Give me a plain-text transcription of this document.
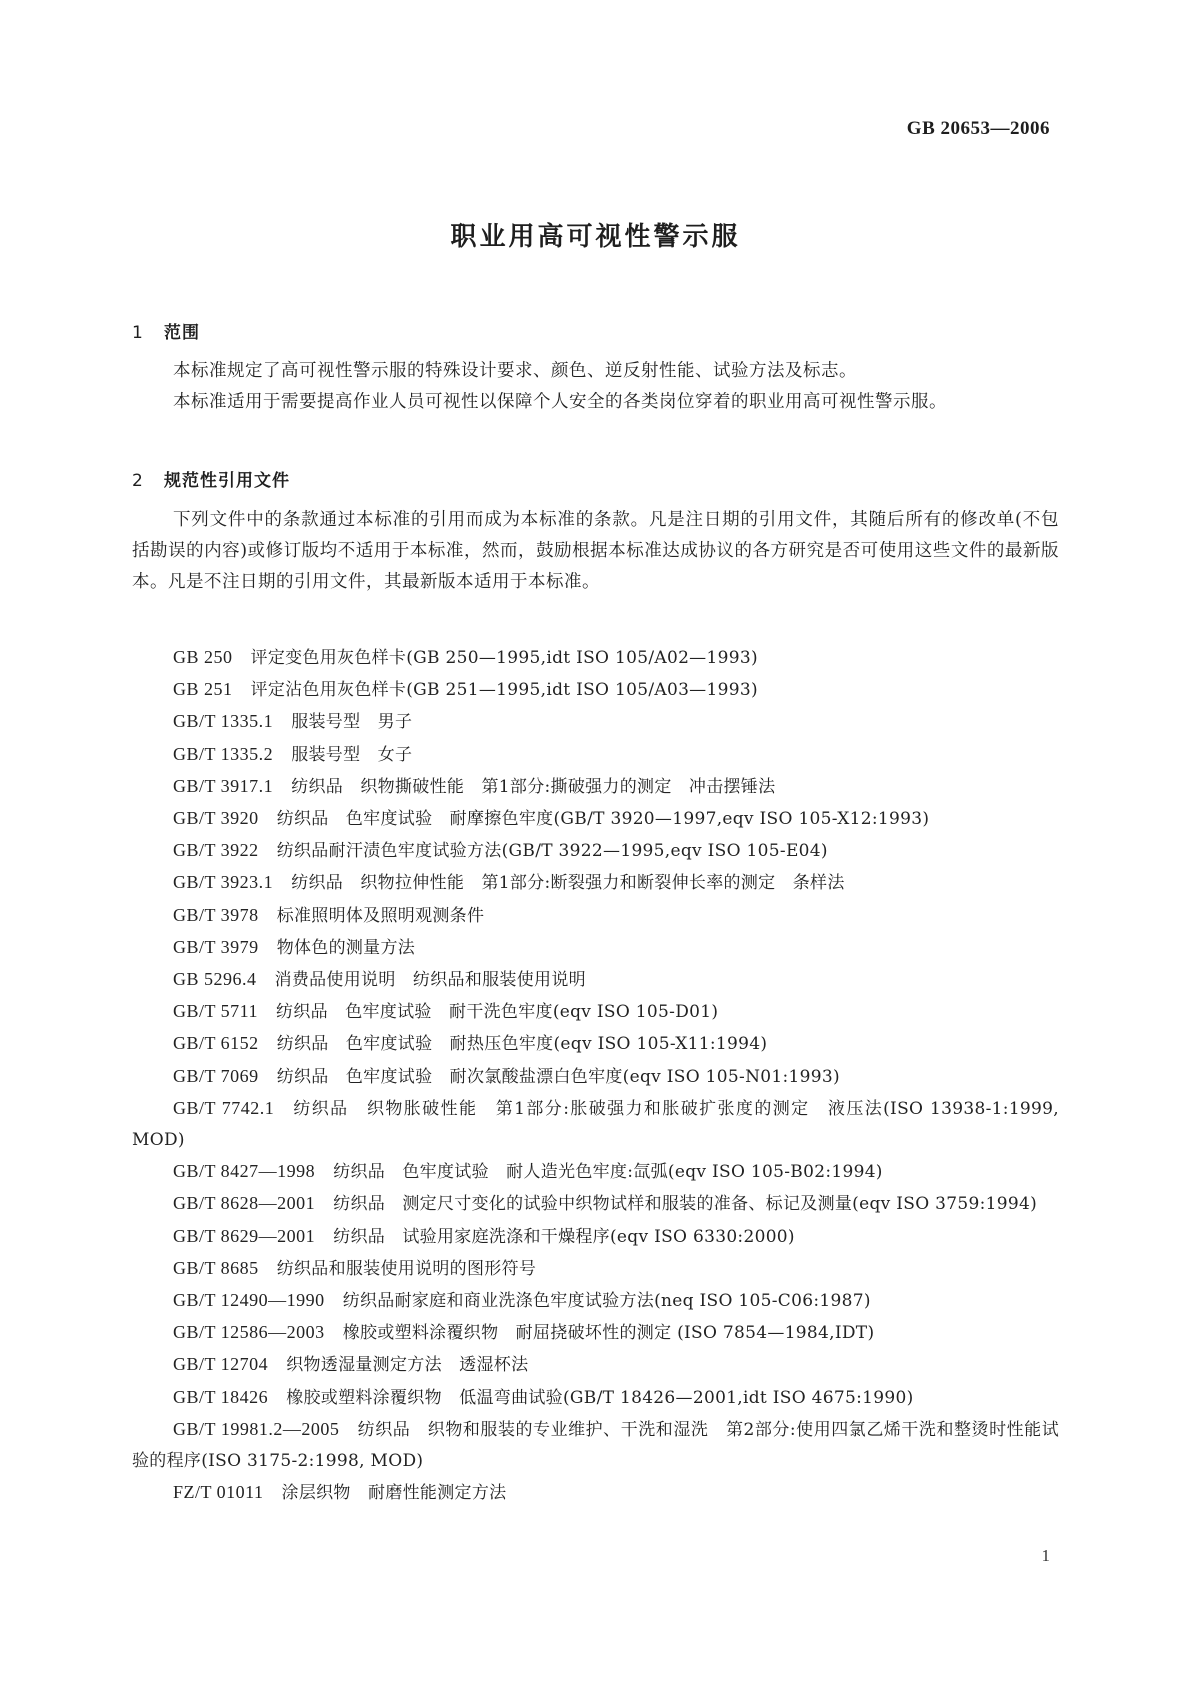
GB 20653—2006
职业用高可视性警示服
1 范围

本标准规定了高可视性警示服的特殊设计要求、颜色、逆反射性能、试验方法及标志。

本标准适用于需要提高作业人员可视性以保障个人安全的各类岗位穿着的职业用高可视性警示服。

2 规范性引用文件

下列文件中的条款通过本标准的引用而成为本标准的条款。凡是注日期的引用文件，其随后所有的修改单(不包括勘误的内容)或修订版均不适用于本标准，然而，鼓励根据本标准达成协议的各方研究是否可使用这些文件的最新版本。凡是不注日期的引用文件，其最新版本适用于本标准。

GB 250 评定变色用灰色样卡(GB 250—1995,idt ISO 105/A02—1993)
GB 251 评定沾色用灰色样卡(GB 251—1995,idt ISO 105/A03—1993)
GB/T 1335.1 服装号型　男子
GB/T 1335.2 服装号型　女子
GB/T 3917.1 纺织品　织物撕破性能　第1部分:撕破强力的测定　冲击摆锤法
GB/T 3920 纺织品　色牢度试验　耐摩擦色牢度(GB/T 3920—1997,eqv ISO 105-X12:1993)
GB/T 3922 纺织品耐汗渍色牢度试验方法(GB/T 3922—1995,eqv ISO 105-E04)
GB/T 3923.1 纺织品　织物拉伸性能　第1部分:断裂强力和断裂伸长率的测定　条样法
GB/T 3978 标准照明体及照明观测条件
GB/T 3979 物体色的测量方法
GB 5296.4 消费品使用说明　纺织品和服装使用说明
GB/T 5711 纺织品　色牢度试验　耐干洗色牢度(eqv ISO 105-D01)
GB/T 6152 纺织品　色牢度试验　耐热压色牢度(eqv ISO 105-X11:1994)
GB/T 7069 纺织品　色牢度试验　耐次氯酸盐漂白色牢度(eqv ISO 105-N01:1993)
GB/T 7742.1 纺织品　织物胀破性能　第1部分:胀破强力和胀破扩张度的测定　液压法(ISO 13938-1:1999, MOD)
GB/T 8427—1998 纺织品　色牢度试验　耐人造光色牢度:氙弧(eqv ISO 105-B02:1994)
GB/T 8628—2001 纺织品　测定尺寸变化的试验中织物试样和服装的准备、标记及测量(eqv ISO 3759:1994)
GB/T 8629—2001 纺织品　试验用家庭洗涤和干燥程序(eqv ISO 6330:2000)
GB/T 8685 纺织品和服装使用说明的图形符号
GB/T 12490—1990 纺织品耐家庭和商业洗涤色牢度试验方法(neq ISO 105-C06:1987)
GB/T 12586—2003 橡胶或塑料涂覆织物　耐屈挠破坏性的测定 (ISO 7854—1984,IDT)
GB/T 12704 织物透湿量测定方法　透湿杯法
GB/T 18426 橡胶或塑料涂覆织物　低温弯曲试验(GB/T 18426—2001,idt ISO 4675:1990)
GB/T 19981.2—2005 纺织品　织物和服装的专业维护、干洗和湿洗　第2部分:使用四氯乙烯干洗和整烫时性能试验的程序(ISO 3175-2:1998, MOD)
FZ/T 01011 涂层织物　耐磨性能测定方法
1
